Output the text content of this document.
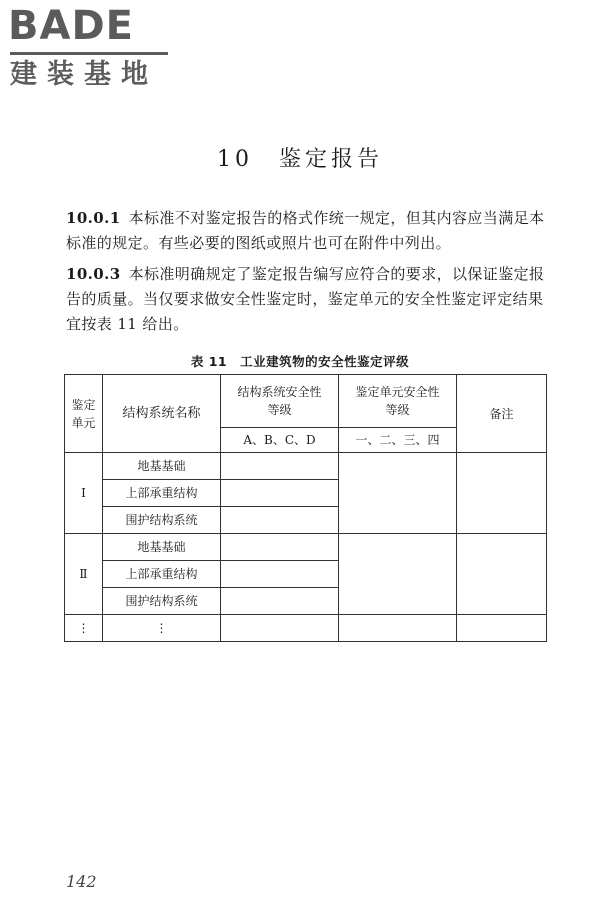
BADE
建装基地
10　鉴定报告
10.0.1 本标准不对鉴定报告的格式作统一规定，但其内容应当满足本标准的规定。有些必要的图纸或照片也可在附件中列出。
10.0.3 本标准明确规定了鉴定报告编写应符合的要求，以保证鉴定报告的质量。当仅要求做安全性鉴定时，鉴定单元的安全性鉴定评定结果宜按表 11 给出。
表 11　工业建筑物的安全性鉴定评级
鉴定单元	结构系统名称	结构系统安全性等级	鉴定单元安全性等级	备注
		A、B、C、D	一、二、三、四	
Ⅰ	地基基础			
	上部承重结构			
	围护结构系统			
Ⅱ	地基基础			
	上部承重结构			
	围护结构系统			
⋮	⋮			
142
